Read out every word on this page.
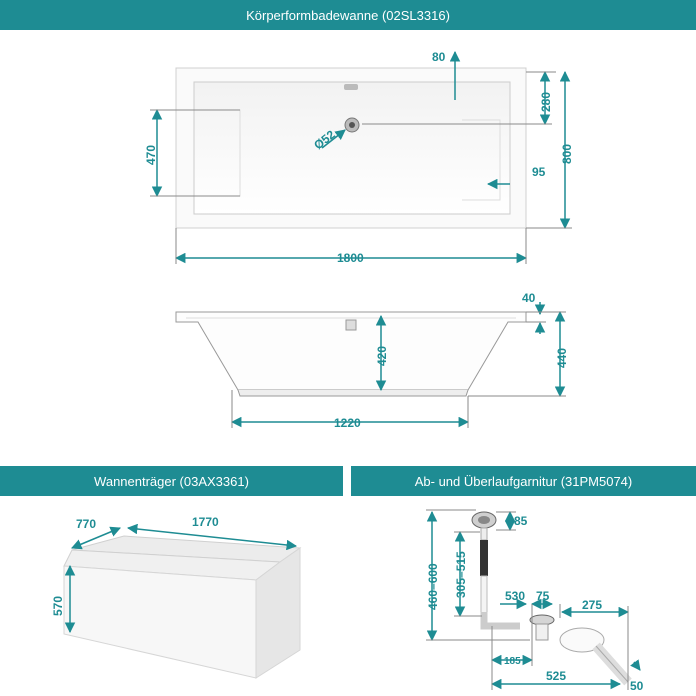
Körperformbadewanne (02SL3316)
Wannenträger (03AX3361)	Ab- und Überlaufgarnitur (31PM5074)
80
280
800
470
Ø52
95
1800
40
420	440
1220
770	1770
570
85
460–600 305–515	530 75
275
185
525
50
